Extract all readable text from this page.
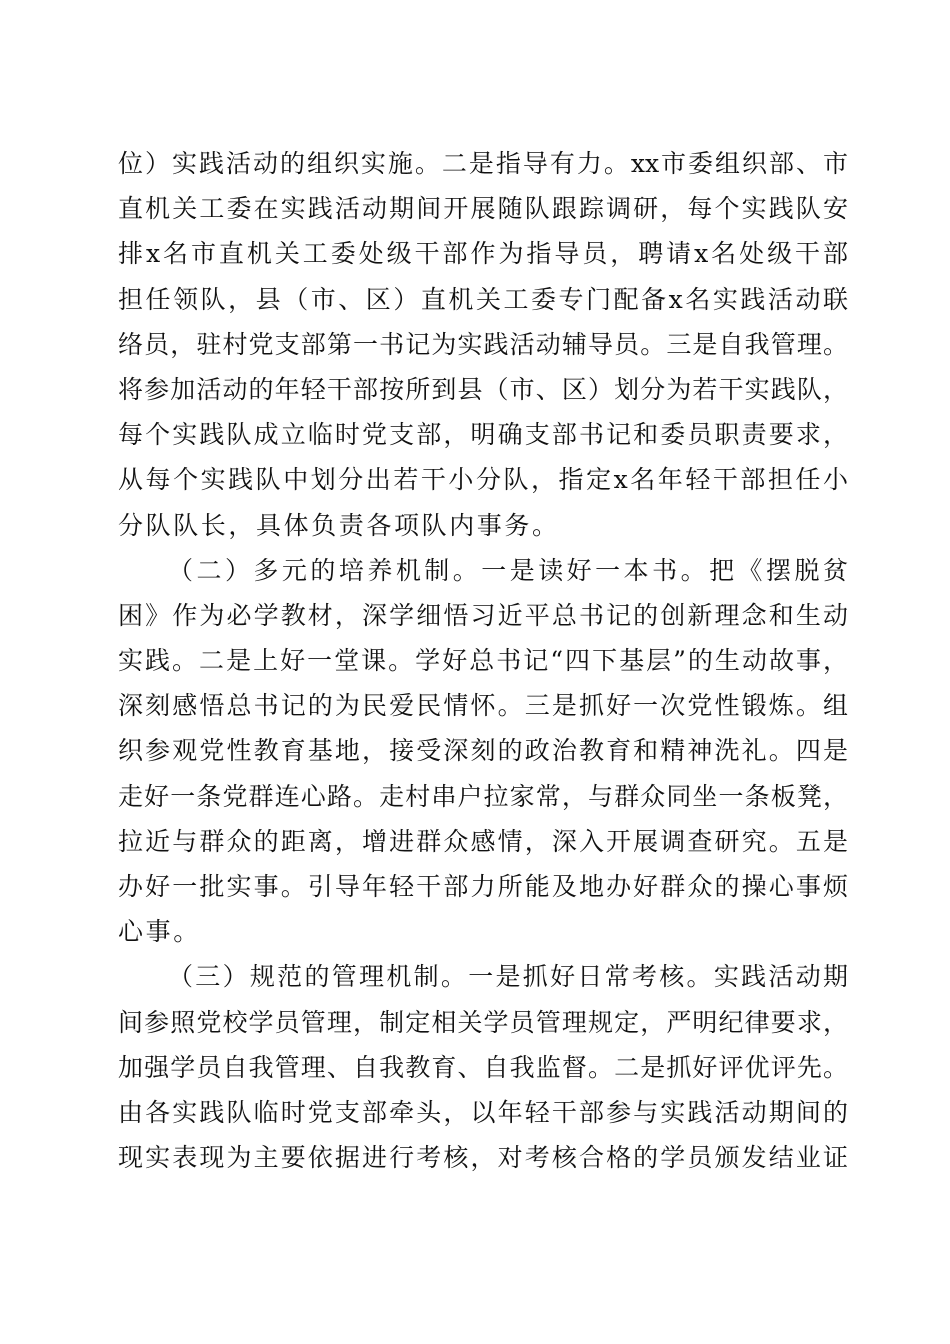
位）实践活动的组织实施。二是指导有力。xx市委组织部、市
直机关工委在实践活动期间开展随队跟踪调研，每个实践队安
排x名市直机关工委处级干部作为指导员，聘请x名处级干部
担任领队，县（市、区）直机关工委专门配备x名实践活动联
络员，驻村党支部第一书记为实践活动辅导员。三是自我管理。
将参加活动的年轻干部按所到县（市、区）划分为若干实践队，
每个实践队成立临时党支部，明确支部书记和委员职责要求，
从每个实践队中划分出若干小分队，指定x名年轻干部担任小
分队队长，具体负责各项队内事务。
（二）多元的培养机制。一是读好一本书。把《摆脱贫
困》作为必学教材，深学细悟习近平总书记的创新理念和生动
实践。二是上好一堂课。学好总书记“四下基层”的生动故事，
深刻感悟总书记的为民爱民情怀。三是抓好一次党性锻炼。组
织参观党性教育基地，接受深刻的政治教育和精神洗礼。四是
走好一条党群连心路。走村串户拉家常，与群众同坐一条板凳，
拉近与群众的距离，增进群众感情，深入开展调查研究。五是
办好一批实事。引导年轻干部力所能及地办好群众的操心事烦
心事。
（三）规范的管理机制。一是抓好日常考核。实践活动期
间参照党校学员管理，制定相关学员管理规定，严明纪律要求，
加强学员自我管理、自我教育、自我监督。二是抓好评优评先。
由各实践队临时党支部牵头，以年轻干部参与实践活动期间的
现实表现为主要依据进行考核，对考核合格的学员颁发结业证
